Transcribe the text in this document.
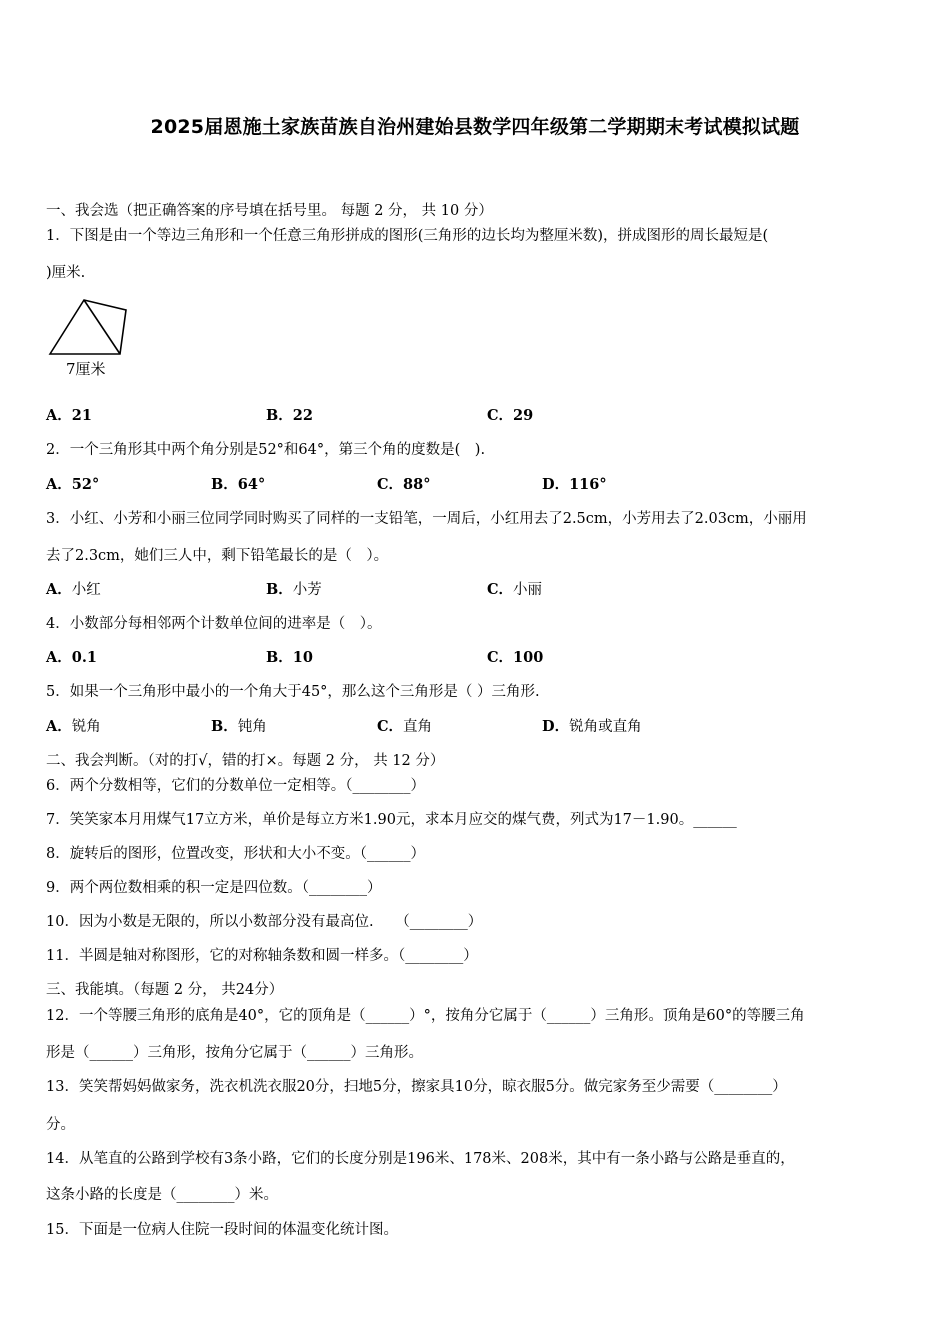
2025届恩施土家族苗族自治州建始县数学四年级第二学期期末考试模拟试题
一、我会选（把正确答案的序号填在括号里。 每题 2 分， 共 10 分）
1．下图是由一个等边三角形和一个任意三角形拼成的图形(三角形的边长均为整厘米数)，拼成图形的周长最短是(
)厘米.
7厘米
A．21	B．22	C．29
2．一个三角形其中两个角分别是52°和64°，第三个角的度数是(　).
A．52°	B．64°	C．88°	D．116°
3．小红、小芳和小丽三位同学同时购买了同样的一支铅笔，一周后，小红用去了2.5cm，小芳用去了2.03cm，小丽用
去了2.3cm，她们三人中，剩下铅笔最长的是（　）。
A．小红	B．小芳	C．小丽
4．小数部分每相邻两个计数单位间的进率是（　）。
A．0.1	B．10	C．100
5．如果一个三角形中最小的一个角大于45°，那么这个三角形是（ ）三角形.
A．锐角	B．钝角	C．直角	D．锐角或直角
二、我会判断。（对的打√，错的打×。每题 2 分， 共 12 分）
6．两个分数相等，它们的分数单位一定相等。（________）
7．笑笑家本月用煤气17立方米，单价是每立方米1.90元，求本月应交的煤气费，列式为17－1.90。______
8．旋转后的图形，位置改变，形状和大小不变。（______）
9．两个两位数相乘的积一定是四位数。（________）
10．因为小数是无限的，所以小数部分没有最高位.　　（________）
11．半圆是轴对称图形，它的对称轴条数和圆一样多。（________）
三、我能填。（每题 2 分， 共24分）
12．一个等腰三角形的底角是40°，它的顶角是（______）°，按角分它属于（______）三角形。顶角是60°的等腰三角
形是（______）三角形，按角分它属于（______）三角形。
13．笑笑帮妈妈做家务，洗衣机洗衣服20分，扫地5分，擦家具10分，晾衣服5分。做完家务至少需要（________）
分。
14．从笔直的公路到学校有3条小路，它们的长度分别是196米、178米、208米，其中有一条小路与公路是垂直的，
这条小路的长度是（________）米。
15．下面是一位病人住院一段时间的体温变化统计图。
